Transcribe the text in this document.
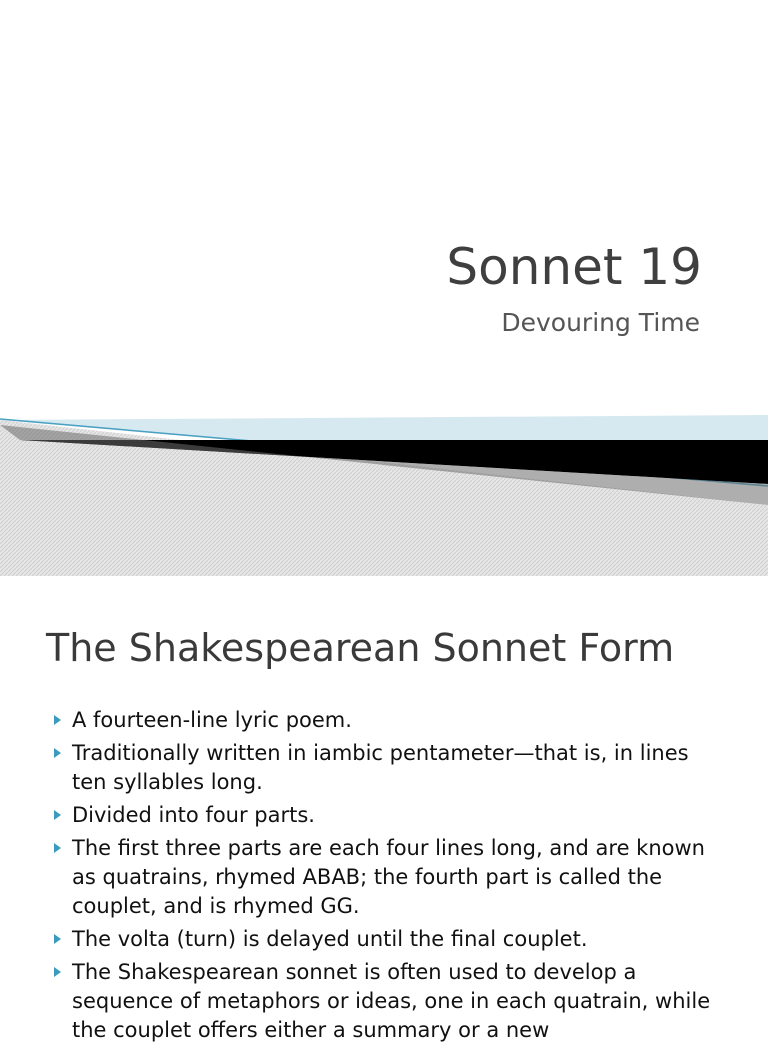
Sonnet 19

Devouring Time

The Shakespearean Sonnet Form
A fourteen-line lyric poem.
Traditionally written in iambic pentameter—that is, in lines ten syllables long.
Divided into four parts.
The first three parts are each four lines long, and are known as quatrains, rhymed ABAB; the fourth part is called the couplet, and is rhymed GG.
The volta (turn) is delayed until the final couplet.
The Shakespearean sonnet is often used to develop a sequence of metaphors or ideas, one in each quatrain, while the couplet offers either a summary or a new
